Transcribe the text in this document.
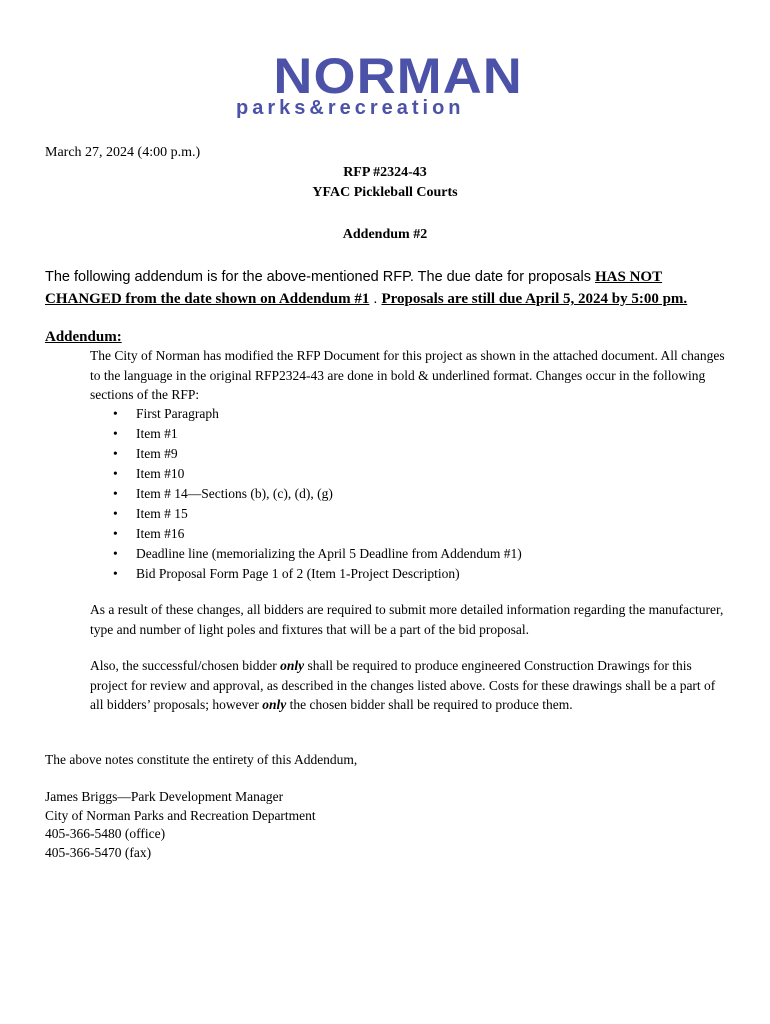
NORMAN
parks&recreation
March 27, 2024 (4:00 p.m.)
RFP #2324-43
YFAC Pickleball Courts
Addendum #2
The following addendum is for the above-mentioned RFP. The due date for proposals HAS NOT CHANGED from the date shown on Addendum #1 . Proposals are still due April 5, 2024 by 5:00 pm.
Addendum:
The City of Norman has modified the RFP Document for this project as shown in the attached document. All changes to the language in the original RFP2324-43 are done in bold & underlined format. Changes occur in the following sections of the RFP:
• First Paragraph
• Item #1
• Item #9
• Item #10
• Item # 14—Sections (b), (c), (d), (g)
• Item # 15
• Item #16
• Deadline line (memorializing the April 5 Deadline from Addendum #1)
• Bid Proposal Form Page 1 of 2 (Item 1-Project Description)
As a result of these changes, all bidders are required to submit more detailed information regarding the manufacturer, type and number of light poles and fixtures that will be a part of the bid proposal.
Also, the successful/chosen bidder only shall be required to produce engineered Construction Drawings for this project for review and approval, as described in the changes listed above. Costs for these drawings shall be a part of all bidders’ proposals; however only the chosen bidder shall be required to produce them.
The above notes constitute the entirety of this Addendum,
James Briggs—Park Development Manager
City of Norman Parks and Recreation Department
405-366-5480 (office)
405-366-5470 (fax)
